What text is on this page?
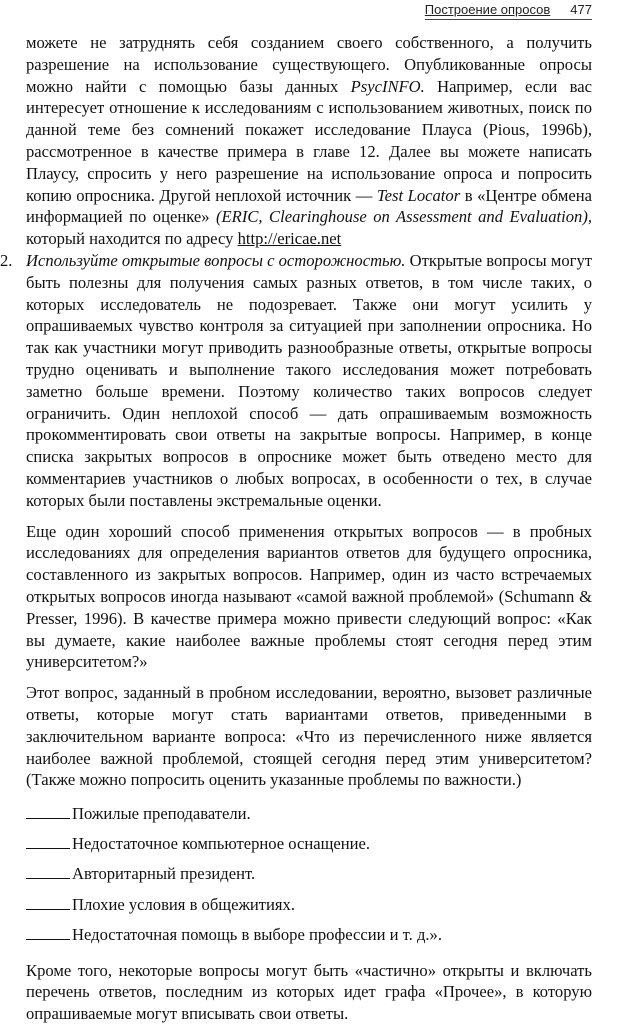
Построение опросов 477

можете не затруднять себя созданием своего собственного, а получить разрешение на использование существующего. Опубликованные опросы можно найти с помощью базы данных PsycINFO. Например, если вас интересует отношение к исследованиям с использованием животных, поиск по данной теме без сомнений покажет исследование Плауса (Pious, 1996b), рассмотренное в качестве примера в главе 12. Далее вы можете написать Плаусу, спросить у него разрешение на использование опроса и попросить копию опросника. Другой неплохой источник — Test Locator в «Центре обмена информацией по оценке» (ERIC, Clearinghouse on Assessment and Evaluation), который находится по адресу http://ericae.net

2. Используйте открытые вопросы с осторожностью. Открытые вопросы могут быть полезны для получения самых разных ответов, в том числе таких, о которых исследователь не подозревает. Также они могут усилить у опрашиваемых чувство контроля за ситуацией при заполнении опросника. Но так как участники могут приводить разнообразные ответы, открытые вопросы трудно оценивать и выполнение такого исследования может потребовать заметно больше времени. Поэтому количество таких вопросов следует ограничить. Один неплохой способ — дать опрашиваемым возможность прокомментировать свои ответы на закрытые вопросы. Например, в конце списка закрытых вопросов в опроснике может быть отведено место для комментариев участников о любых вопросах, в особенности о тех, в случае которых были поставлены экстремальные оценки.

Еще один хороший способ применения открытых вопросов — в пробных исследованиях для определения вариантов ответов для будущего опросника, составленного из закрытых вопросов. Например, один из часто встречаемых открытых вопросов иногда называют «самой важной проблемой» (Schumann & Presser, 1996). В качестве примера можно привести следующий вопрос: «Как вы думаете, какие наиболее важные проблемы стоят сегодня перед этим университетом?»

Этот вопрос, заданный в пробном исследовании, вероятно, вызовет различные ответы, которые могут стать вариантами ответов, приведенными в заключительном варианте вопроса: «Что из перечисленного ниже является наиболее важной проблемой, стоящей сегодня перед этим университетом? (Также можно попросить оценить указанные проблемы по важности.)

Пожилые преподаватели.

Недостаточное компьютерное оснащение.

Авторитарный президент.

Плохие условия в общежитиях.

Недостаточная помощь в выборе профессии и т. д.».

Кроме того, некоторые вопросы могут быть «частично» открыты и включать перечень ответов, последним из которых идет графа «Прочее», в которую опрашиваемые могут вписывать свои ответы.
